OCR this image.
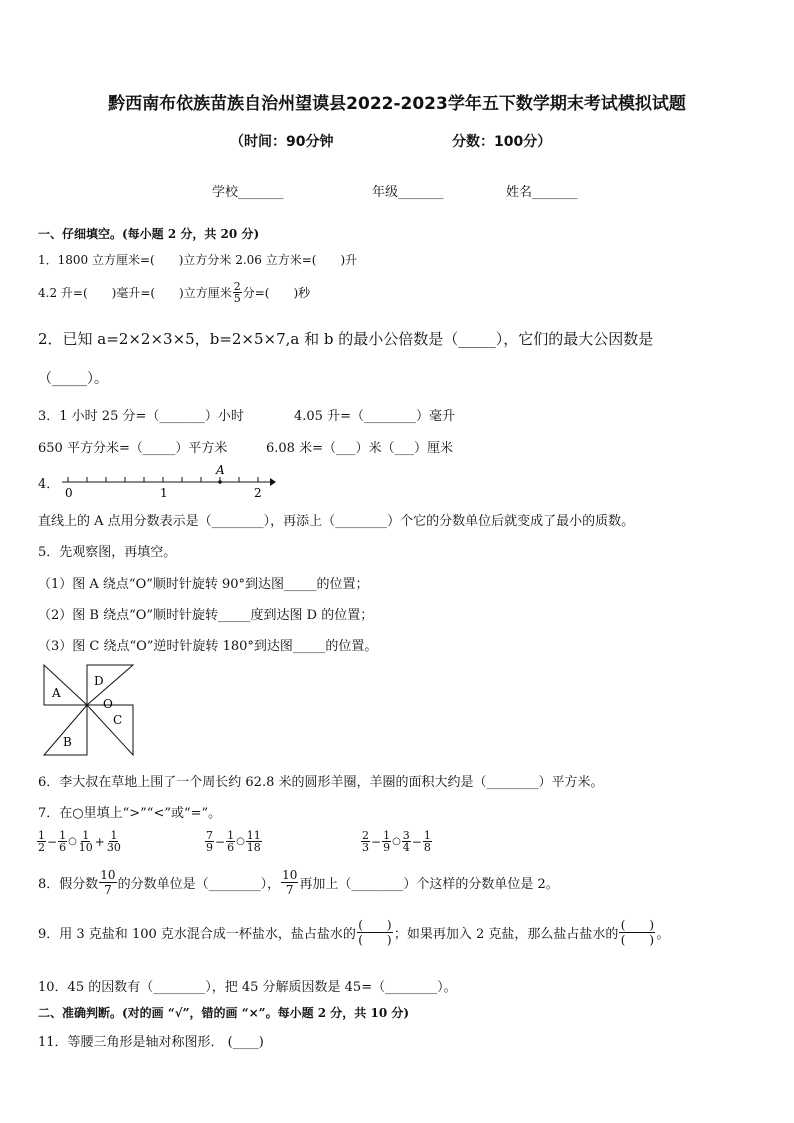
黔西南布依族苗族自治州望谟县2022-2023学年五下数学期末考试模拟试题
（时间：90分钟	分数：100分）
学校_______	年级_______	姓名_______
一、仔细填空。(每小题 2 分，共 20 分)
1．1800 立方厘米=(　　)立方分米 2.06 立方米=(　　)升
4.2 升=(　　)毫升=(　　)立方厘米 $\frac{2}{5}$ 分=(　　)秒
2．已知 a=2×2×3×5，b=2×5×7,a 和 b 的最小公倍数是（_____），它们的最大公因数是
（_____）。
3．1 小时 25 分=（_______）小时	4.05 升=（________）毫升
650 平方分米=（_____）平方米	6.08 米=（___）米（___）厘米
4．
A
0	1	2
直线上的 A 点用分数表示是（________），再添上（________）个它的分数单位后就变成了最小的质数。
5．先观察图，再填空。
（1）图 A 绕点“O”顺时针旋转 90°到达图_____的位置；
（2）图 B 绕点“O”顺时针旋转_____度到达图 D 的位置；
（3）图 C 绕点“O”逆时针旋转 180°到达图_____的位置。
A
D
C
B
O
6．李大叔在草地上围了一个周长约 62.8 米的圆形羊圈，羊圈的面积大约是（________）平方米。
7．在○里填上“>”“<”或“=”。
$\frac{1}{2} - \frac{1}{6}$ ○ $\frac{1}{10} + \frac{1}{30}$	$\frac{7}{9} - \frac{1}{6}$ ○ $\frac{11}{18}$	$\frac{2}{3} - \frac{1}{9}$ ○ $\frac{3}{4} - \frac{1}{8}$
8．假分数 $\frac{10}{7}$ 的分数单位是（________）， $\frac{10}{7}$ 再加上（________）个这样的分数单位是 2。
9．用 3 克盐和 100 克水混合成一杯盐水，盐占盐水的 $\frac{( )}{( )}$ ；如果再加入 2 克盐，那么盐占盐水的 $\frac{( )}{( )}$ 。
10．45 的因数有（________），把 45 分解质因数是 45=（________）。
二、准确判断。(对的画 “√”，错的画 “×”。每小题 2 分，共 10 分)
11．等腰三角形是轴对称图形． (____)
